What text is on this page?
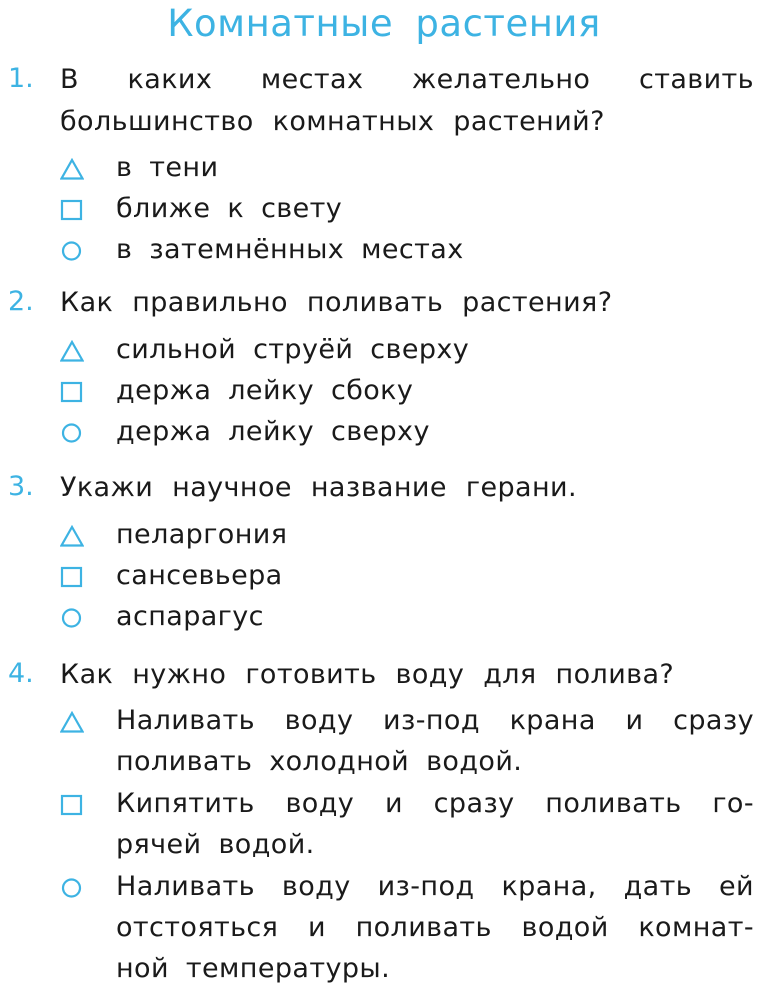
Комнатные растения
1. В каких местах желательно ставить
большинство комнатных растений?
в тени
ближе к свету
в затемнённых местах
2. Как правильно поливать растения?
сильной струёй сверху
держа лейку сбоку
держа лейку сверху
3. Укажи научное название герани.
пеларгония
сансевьера
аспарагус
4. Как нужно готовить воду для полива?
Наливать воду из-под крана и сразу
поливать холодной водой.
Кипятить воду и сразу поливать го-
рячей водой.
Наливать воду из-под крана, дать ей
отстояться и поливать водой комнат-
ной температуры.
